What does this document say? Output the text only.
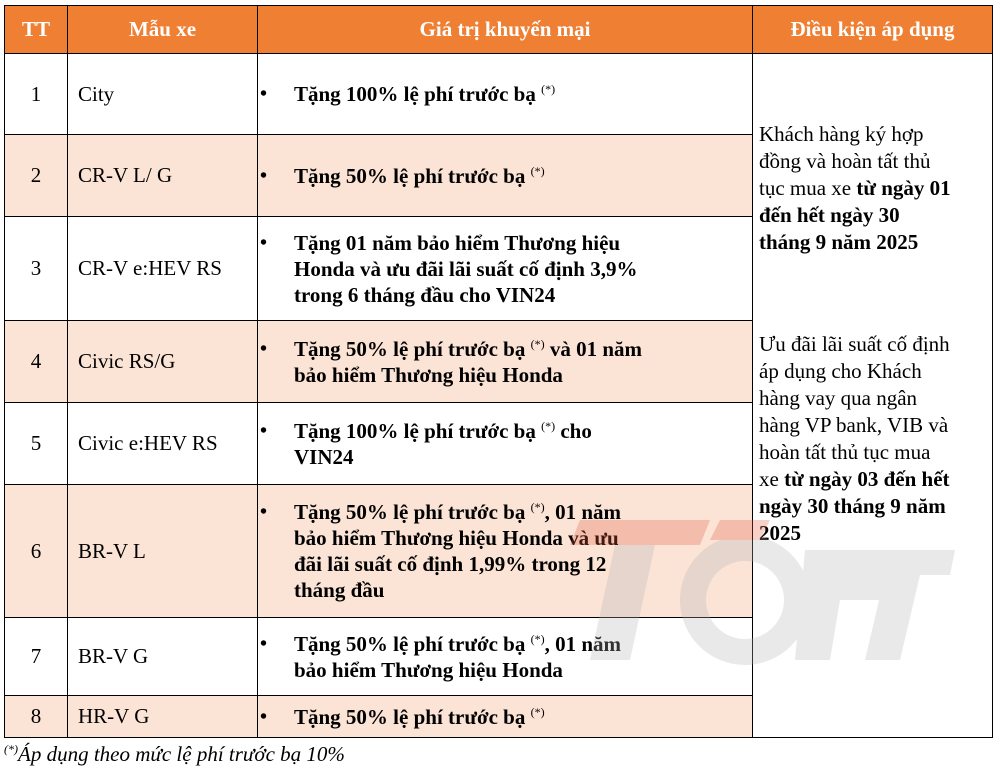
TT	Mẫu xe	Giá trị khuyến mại	Điều kiện áp dụng
1	City	• Tặng 100% lệ phí trước bạ (*)
2	CR-V L/ G	• Tặng 50% lệ phí trước bạ (*)
3	CR-V e:HEV RS
• Tặng 01 năm bảo hiểm Thương hiệu
Honda và ưu đãi lãi suất cố định 3,9%
trong 6 tháng đầu cho VIN24
4	Civic RS/G
• Tặng 50% lệ phí trước bạ (*) và 01 năm
bảo hiểm Thương hiệu Honda
5	Civic e:HEV RS
• Tặng 100% lệ phí trước bạ (*) cho
VIN24
6	BR-V L
• Tặng 50% lệ phí trước bạ (*), 01 năm
bảo hiểm Thương hiệu Honda và ưu
đãi lãi suất cố định 1,99% trong 12
tháng đầu
7	BR-V G
• Tặng 50% lệ phí trước bạ (*), 01 năm
bảo hiểm Thương hiệu Honda
8	HR-V G	• Tặng 50% lệ phí trước bạ (*)
Khách hàng ký hợp
đồng và hoàn tất thủ
tục mua xe từ ngày 01
đến hết ngày 30
tháng 9 năm 2025
Ưu đãi lãi suất cố định
áp dụng cho Khách
hàng vay qua ngân
hàng VP bank, VIB và
hoàn tất thủ tục mua
xe từ ngày 03 đến hết
ngày 30 tháng 9 năm
2025
(*)Áp dụng theo mức lệ phí trước bạ 10%
